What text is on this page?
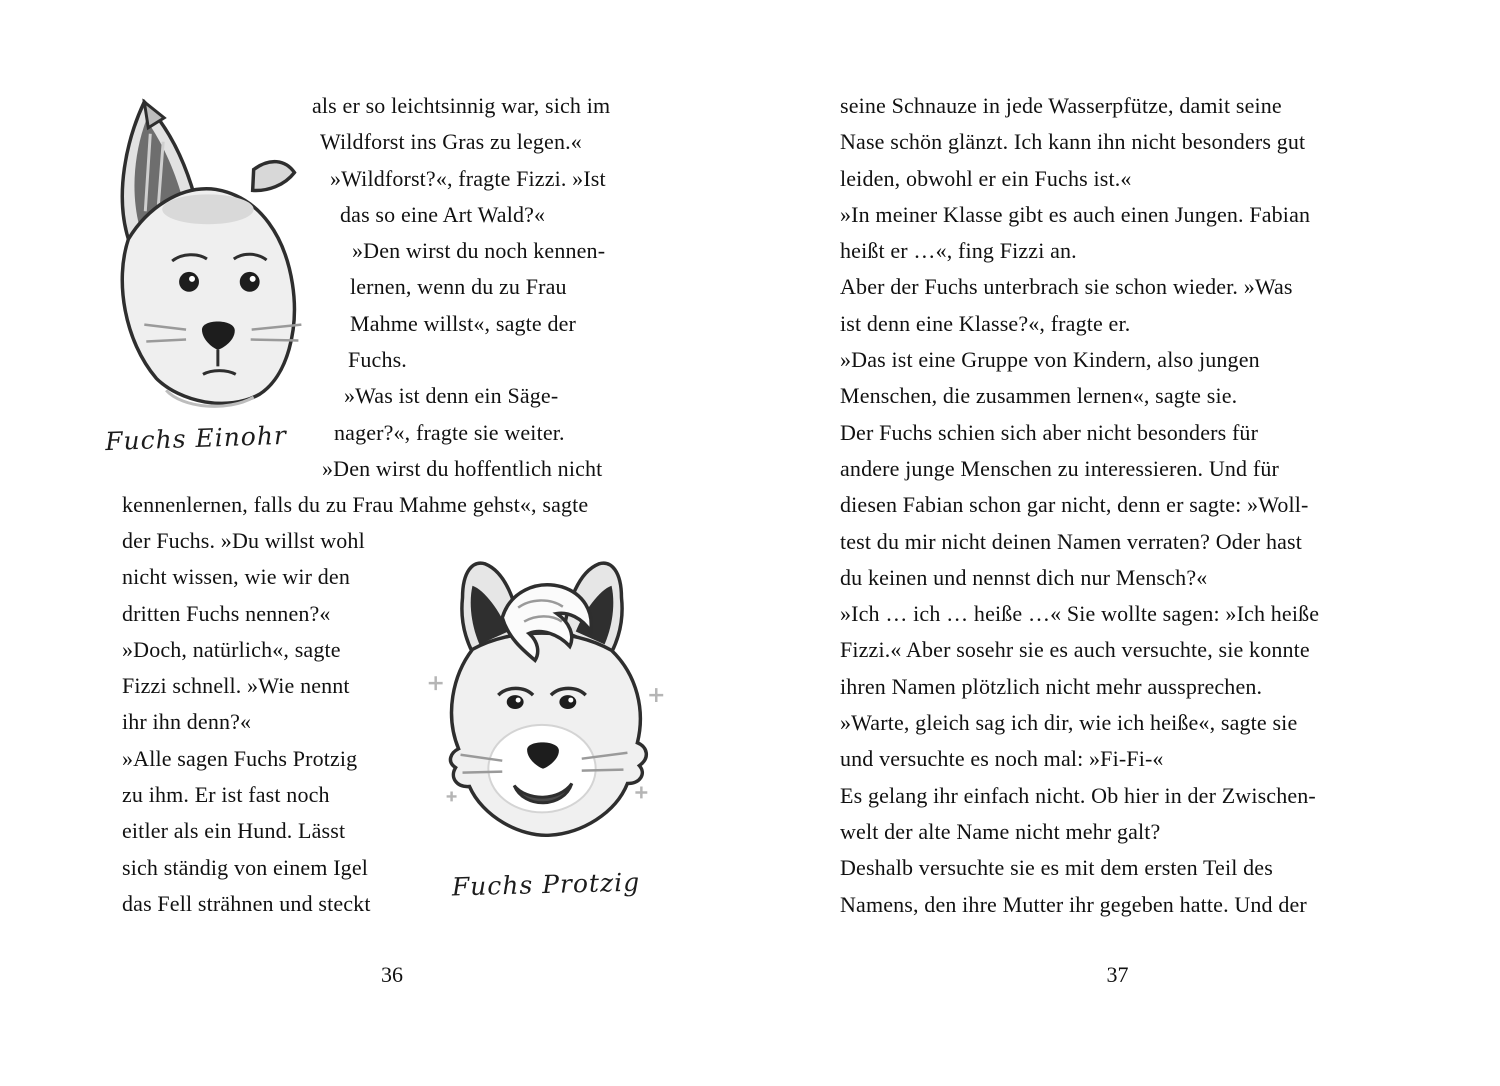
Fuchs Einohr
als er so leichtsinnig war, sich im
Wildforst ins Gras zu legen.«
»Wildforst?«, fragte Fizzi. »Ist
das so eine Art Wald?«
»Den wirst du noch kennen-
lernen, wenn du zu Frau
Mahme willst«, sagte der
Fuchs.
»Was ist denn ein Säge-
nager?«, fragte sie weiter.
»Den wirst du hoffentlich nicht
kennenlernen, falls du zu Frau Mahme gehst«, sagte
der Fuchs. »Du willst wohl
nicht wissen, wie wir den
dritten Fuchs nennen?«
»Doch, natürlich«, sagte
Fizzi schnell. »Wie nennt
ihr ihn denn?«
»Alle sagen Fuchs Protzig
zu ihm. Er ist fast noch
eitler als ein Hund. Lässt
sich ständig von einem Igel
das Fell strähnen und steckt
Fuchs Protzig
36
seine Schnauze in jede Wasserpfütze, damit seine
Nase schön glänzt. Ich kann ihn nicht besonders gut
leiden, obwohl er ein Fuchs ist.«
»In meiner Klasse gibt es auch einen Jungen. Fabian
heißt er …«, fing Fizzi an.
Aber der Fuchs unterbrach sie schon wieder. »Was
ist denn eine Klasse?«, fragte er.
»Das ist eine Gruppe von Kindern, also jungen
Menschen, die zusammen lernen«, sagte sie.
Der Fuchs schien sich aber nicht besonders für
andere junge Menschen zu interessieren. Und für
diesen Fabian schon gar nicht, denn er sagte: »Woll-
test du mir nicht deinen Namen verraten? Oder hast
du keinen und nennst dich nur Mensch?«
»Ich … ich … heiße …« Sie wollte sagen: »Ich heiße
Fizzi.« Aber sosehr sie es auch versuchte, sie konnte
ihren Namen plötzlich nicht mehr aussprechen.
»Warte, gleich sag ich dir, wie ich heiße«, sagte sie
und versuchte es noch mal: »Fi-Fi-«
Es gelang ihr einfach nicht. Ob hier in der Zwischen-
welt der alte Name nicht mehr galt?
Deshalb versuchte sie es mit dem ersten Teil des
Namens, den ihre Mutter ihr gegeben hatte. Und der
37
